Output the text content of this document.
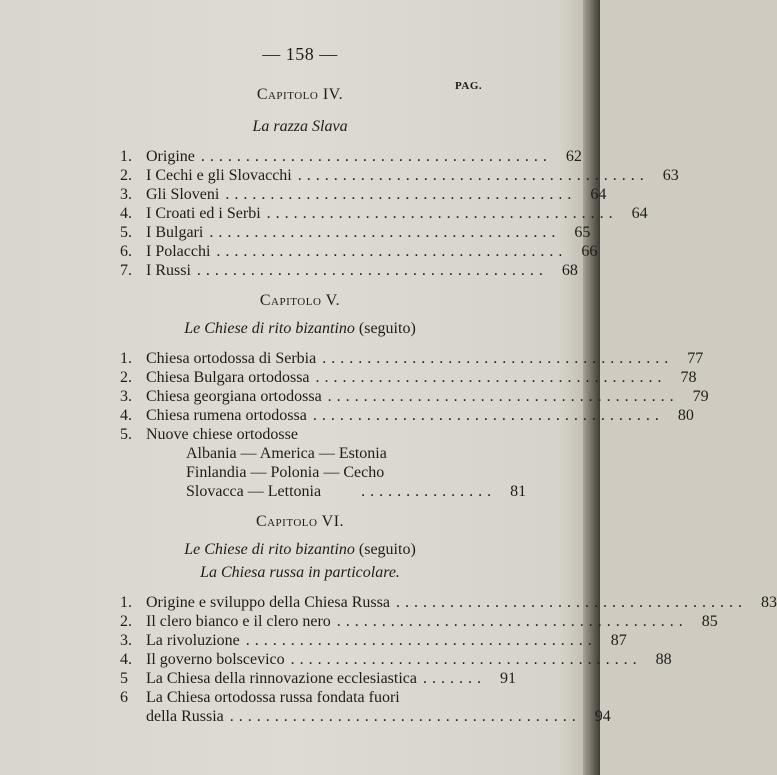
— 158 —
PAG.
Capitolo IV.
La razza Slava
1. Origine ....................................... 62
2. I Cechi e gli Slovacchi ....................................... 63
3. Gli Sloveni ....................................... 64
4. I Croati ed i Serbi ....................................... 64
5. I Bulgari ....................................... 65
6. I Polacchi ....................................... 66
7. I Russi ....................................... 68
Capitolo V.
Le Chiese di rito bizantino (seguito)
1. Chiesa ortodossa di Serbia ....................................... 77
2. Chiesa Bulgara ortodossa ....................................... 78
3. Chiesa georgiana ortodossa ....................................... 79
4. Chiesa rumena ortodossa ....................................... 80
5. Nuove chiese ortodosse
Albania — America — Estonia
Finlandia — Polonia — Cecho
Slovacca — Lettonia	............... 81
Capitolo VI.
Le Chiese di rito bizantino (seguito)
La Chiesa russa in particolare.
1. Origine e sviluppo della Chiesa Russa ....................................... 83
2. Il clero bianco e il clero nero ....................................... 85
3. La rivoluzione ....................................... 87
4. Il governo bolscevico ....................................... 88
5	La Chiesa della rinnovazione ecclesiastica ....... 91
6	La Chiesa ortodossa russa fondata fuori
della Russia ....................................... 94
